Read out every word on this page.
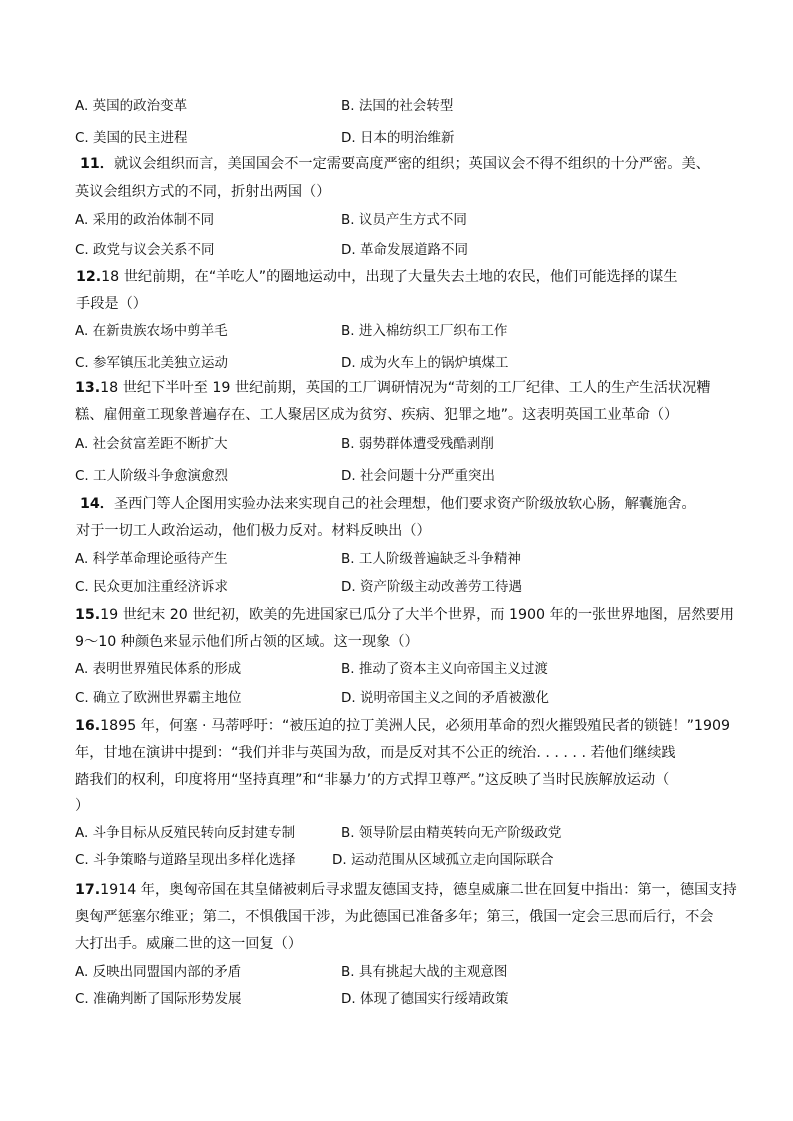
A. 英国的政治变革	B. 法国的社会转型
C. 美国的民主进程	D. 日本的明治维新
11．就议会组织而言，美国国会不一定需要高度严密的组织；英国议会不得不组织的十分严密。美、
英议会组织方式的不同，折射出两国（）
A. 采用的政治体制不同	B. 议员产生方式不同
C. 政党与议会关系不同	D. 革命发展道路不同
12.18 世纪前期，在“羊吃人”的圈地运动中，出现了大量失去土地的农民，他们可能选择的谋生
手段是（）
A. 在新贵族农场中剪羊毛	B. 进入棉纺织工厂织布工作
C. 参军镇压北美独立运动	D. 成为火车上的锅炉填煤工
13.18 世纪下半叶至 19 世纪前期，英国的工厂调研情况为“苛刻的工厂纪律、工人的生产生活状况糟
糕、雇佣童工现象普遍存在、工人聚居区成为贫穷、疾病、犯罪之地”。这表明英国工业革命（）
A. 社会贫富差距不断扩大	B. 弱势群体遭受残酷剥削
C. 工人阶级斗争愈演愈烈	D. 社会问题十分严重突出
14．圣西门等人企图用实验办法来实现自己的社会理想，他们要求资产阶级放软心肠，解囊施舍。
对于一切工人政治运动，他们极力反对。材料反映出（）
A. 科学革命理论亟待产生	B. 工人阶级普遍缺乏斗争精神
C. 民众更加注重经济诉求	D. 资产阶级主动改善劳工待遇
15.19 世纪末 20 世纪初，欧美的先进国家已瓜分了大半个世界，而 1900 年的一张世界地图，居然要用
9～10 种颜色来显示他们所占领的区域。这一现象（）
A. 表明世界殖民体系的形成	B. 推动了资本主义向帝国主义过渡
C. 确立了欧洲世界霸主地位	D. 说明帝国主义之间的矛盾被激化
16.1895 年，何塞 · 马蒂呼吁：“被压迫的拉丁美洲人民，必须用革命的烈火摧毁殖民者的锁链！”1909
年，甘地在演讲中提到：“我们并非与英国为敌，而是反对其不公正的统治. . . . . . 若他们继续践
踏我们的权利，印度将用“坚持真理”和“非暴力’的方式捍卫尊严。”这反映了当时民族解放运动（
）
A. 斗争目标从反殖民转向反封建专制	B. 领导阶层由精英转向无产阶级政党
C. 斗争策略与道路呈现出多样化选择	D. 运动范围从区域孤立走向国际联合
17.1914 年，奥匈帝国在其皇储被刺后寻求盟友德国支持，德皇威廉二世在回复中指出：第一，德国支持
奥匈严惩塞尔维亚；第二，不惧俄国干涉，为此德国已准备多年；第三，俄国一定会三思而后行，不会
大打出手。威廉二世的这一回复（）
A. 反映出同盟国内部的矛盾	B. 具有挑起大战的主观意图
C. 准确判断了国际形势发展	D. 体现了德国实行绥靖政策
